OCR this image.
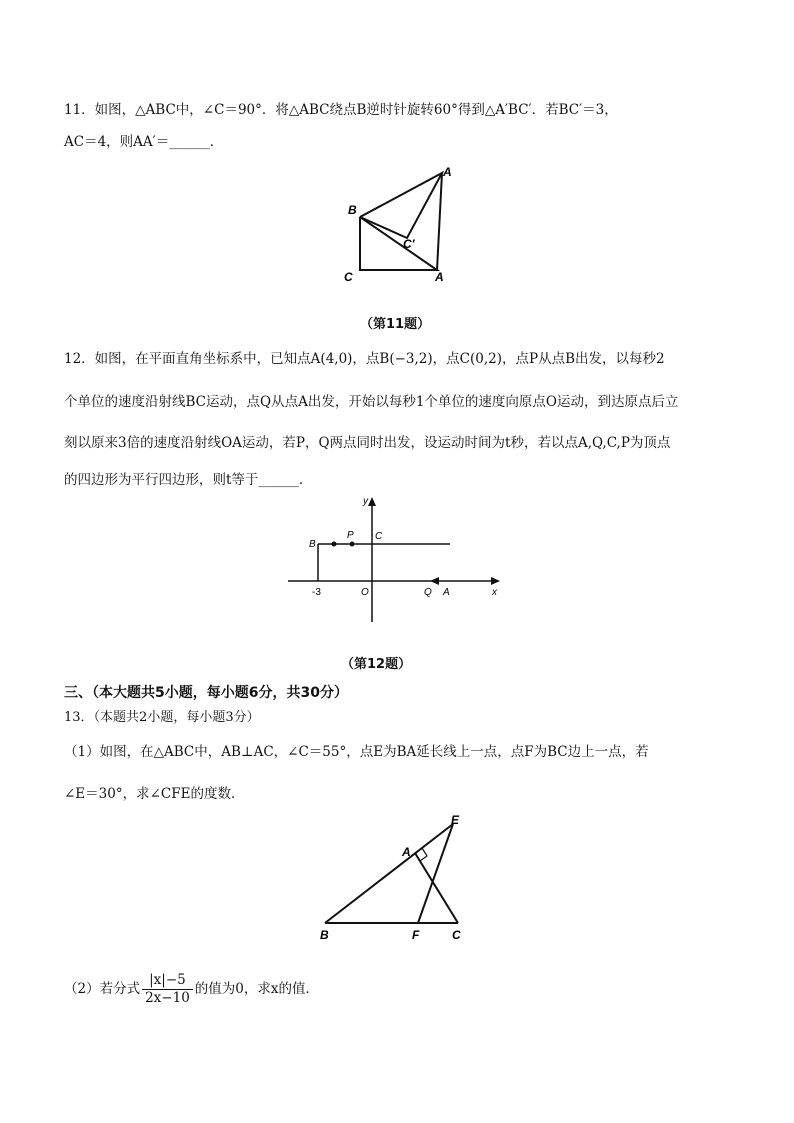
11．如图，△ABC中，∠C＝90°．将△ABC绕点B逆时针旋转60°得到△A′BC′．若BC′＝3，
AC＝4，则AA′＝______．
A
B
C′
C	A
（第11题）
12．如图，在平面直角坐标系中，已知点A(4,0)，点B(−3,2)，点C(0,2)，点P从点B出发，以每秒2
个单位的速度沿射线BC运动，点Q从点A出发，开始以每秒1个单位的速度向原点O运动，到达原点后立
刻以原来3倍的速度沿射线OA运动，若P，Q两点同时出发，设运动时间为t秒，若以点A,Q,C,P为顶点
的四边形为平行四边形，则t等于______．
y
x
B
P C
-3	O	Q A
（第12题）
三、（本大题共5小题，每小题6分，共30分）
13．（本题共2小题，每小题3分）
（1）如图，在△ABC中，AB⊥AC，∠C＝55°，点E为BA延长线上一点，点F为BC边上一点，若
∠E＝30°，求∠CFE的度数．
E
A
B	F	C
（2）若分式 $\frac{|x|-5}{2x-10}$ 的值为0，求x的值．
